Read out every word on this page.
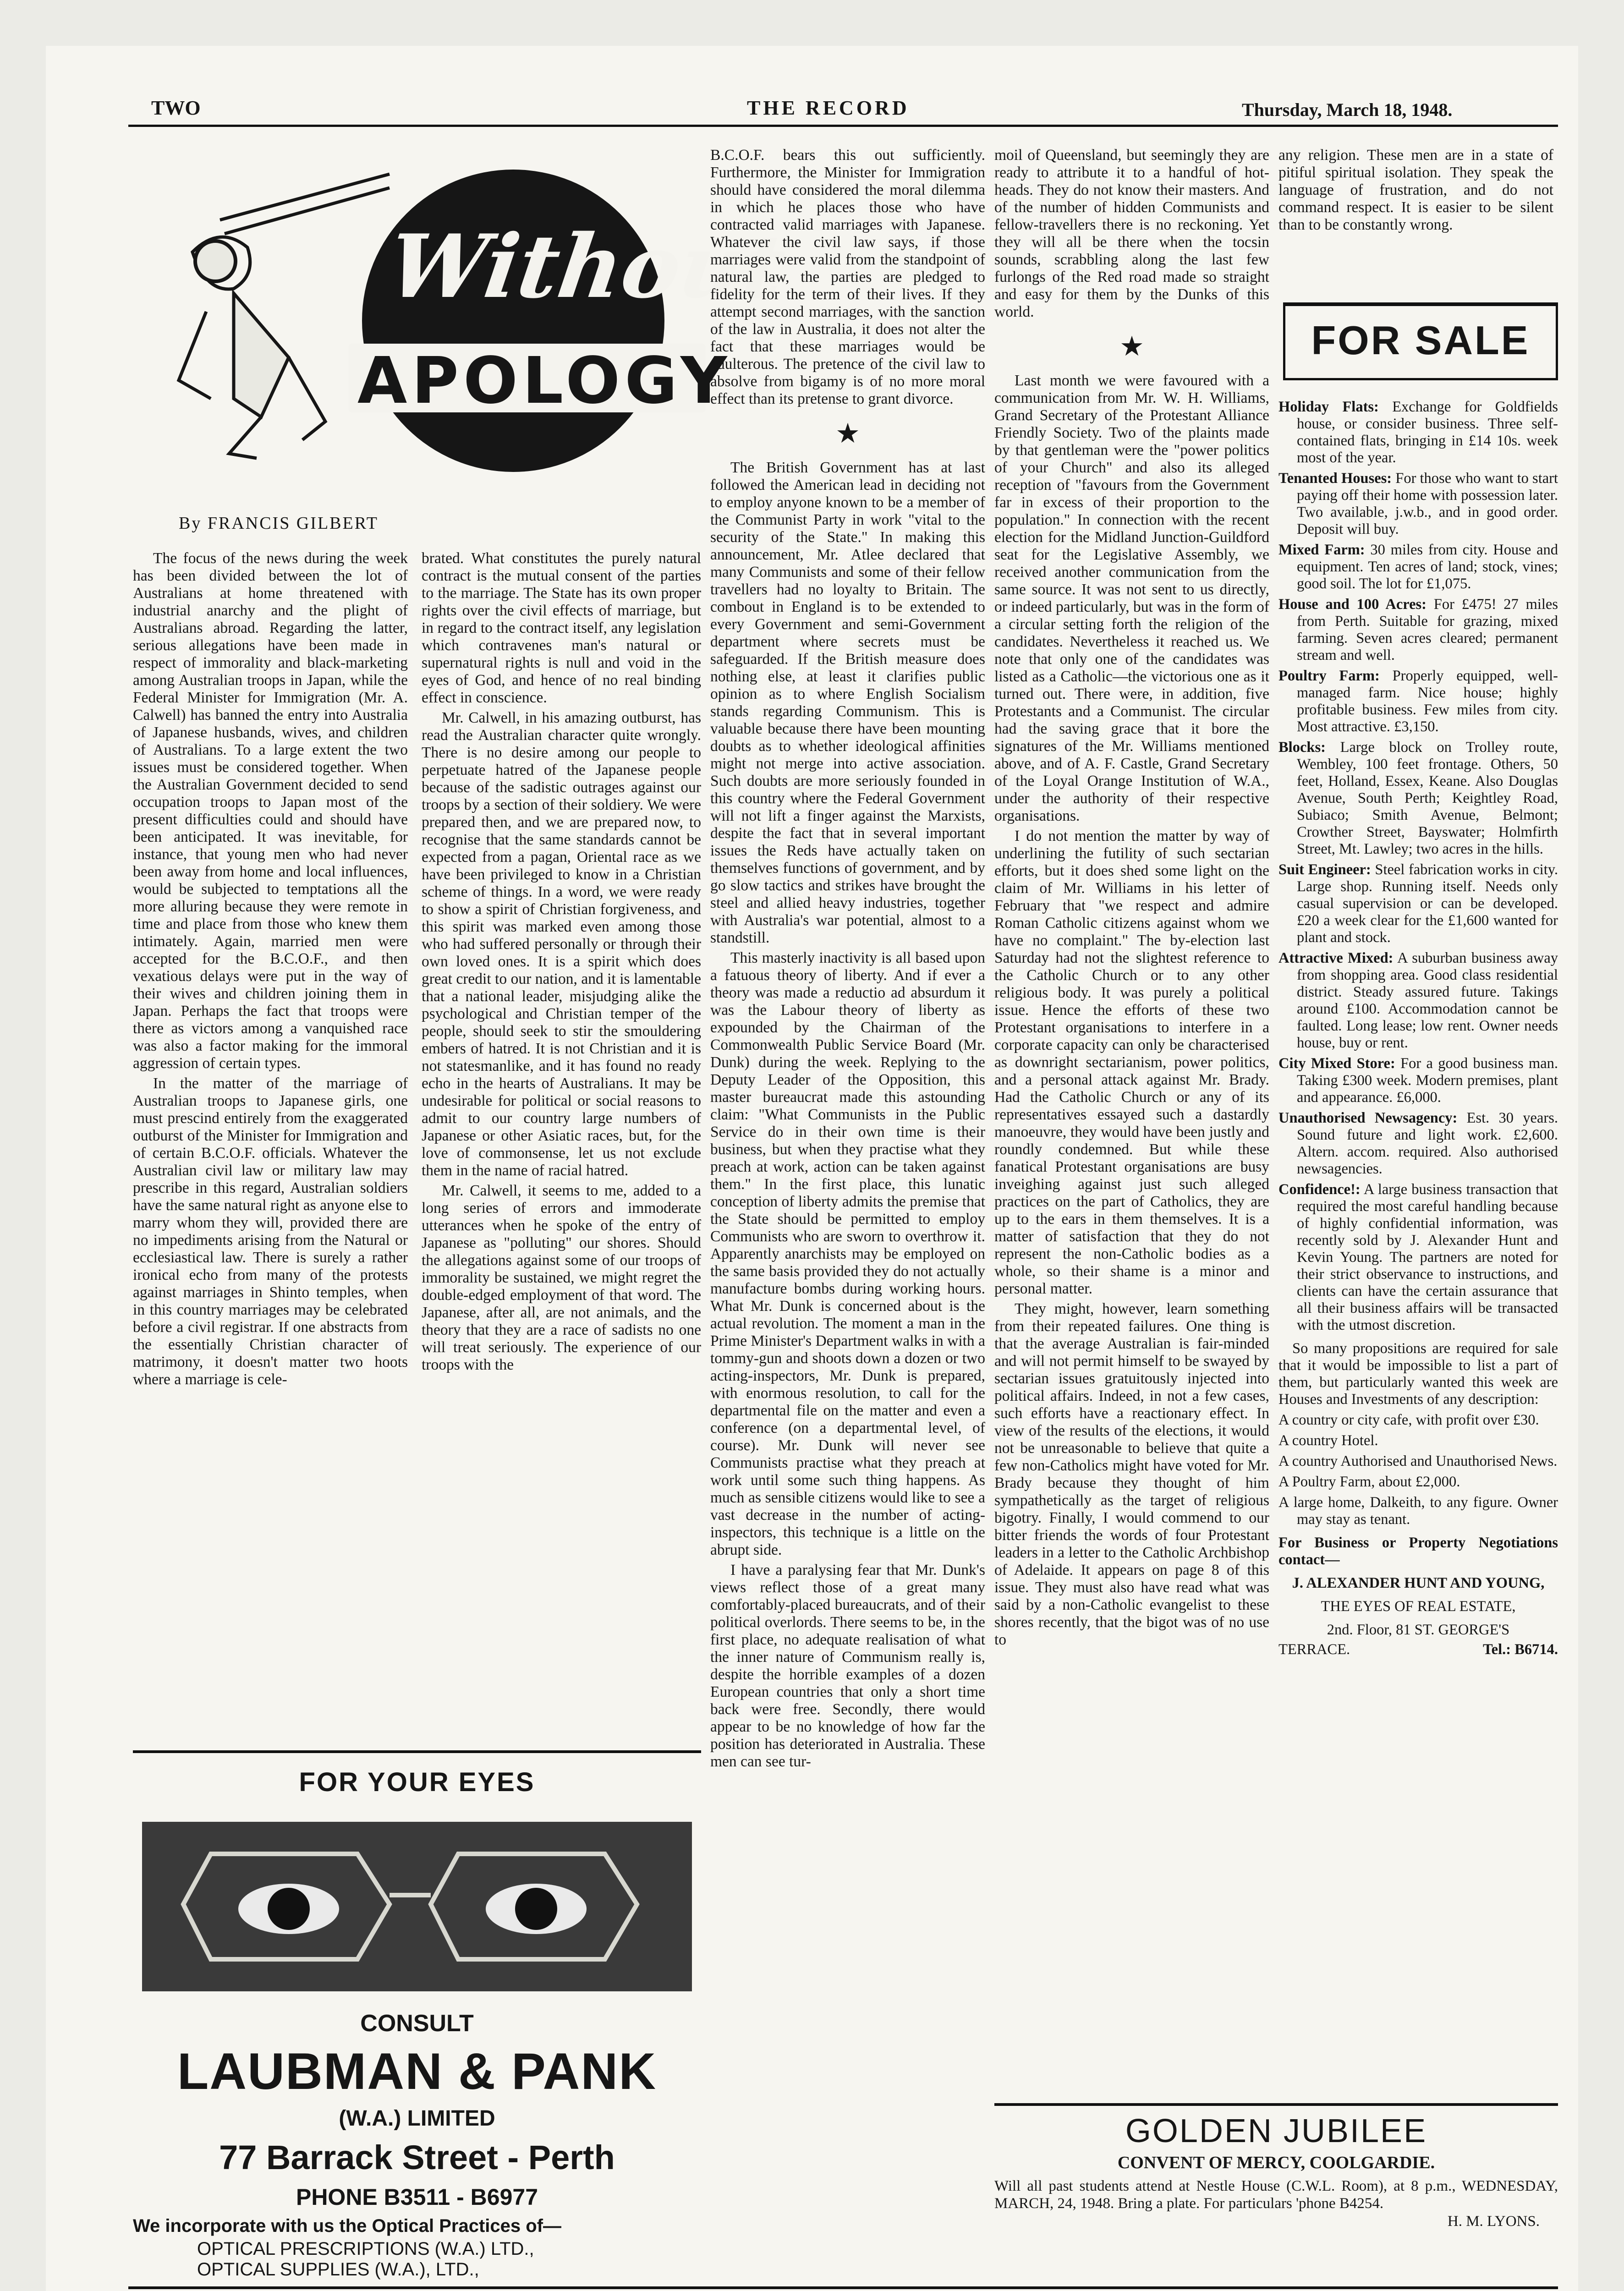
TWO	THE RECORD	Thursday, March 18, 1948.
Without
APOLOGY
By FRANCIS GILBERT

The focus of the news during the week has been divided between the lot of Australians at home threatened with industrial anarchy and the plight of Australians abroad. Regarding the latter, serious allegations have been made in respect of immorality and black-marketing among Australian troops in Japan, while the Federal Minister for Immigration (Mr. A. Calwell) has banned the entry into Australia of Japanese husbands, wives, and children of Australians. To a large extent the two issues must be considered together. When the Australian Government decided to send occupation troops to Japan most of the present difficulties could and should have been anticipated. It was inevitable, for instance, that young men who had never been away from home and local influences, would be subjected to temptations all the more alluring because they were remote in time and place from those who knew them intimately. Again, married men were accepted for the B.C.O.F., and then vexatious delays were put in the way of their wives and children joining them in Japan. Perhaps the fact that troops were there as victors among a vanquished race was also a factor making for the immoral aggression of certain types.

In the matter of the marriage of Australian troops to Japanese girls, one must prescind entirely from the exaggerated outburst of the Minister for Immigration and of certain B.C.O.F. officials. Whatever the Australian civil law or military law may prescribe in this regard, Australian soldiers have the same natural right as anyone else to marry whom they will, provided there are no impediments arising from the Natural or ecclesiastical law. There is surely a rather ironical echo from many of the protests against marriages in Shinto temples, when in this country marriages may be celebrated before a civil registrar. If one abstracts from the essentially Christian character of matrimony, it doesn't matter two hoots where a marriage is cele-

brated. What constitutes the purely natural contract is the mutual consent of the parties to the marriage. The State has its own proper rights over the civil effects of marriage, but in regard to the contract itself, any legislation which contravenes man's natural or supernatural rights is null and void in the eyes of God, and hence of no real binding effect in conscience.

Mr. Calwell, in his amazing outburst, has read the Australian character quite wrongly. There is no desire among our people to perpetuate hatred of the Japanese people because of the sadistic outrages against our troops by a section of their soldiery. We were prepared then, and we are prepared now, to recognise that the same standards cannot be expected from a pagan, Oriental race as we have been privileged to know in a Christian scheme of things. In a word, we were ready to show a spirit of Christian forgiveness, and this spirit was marked even among those who had suffered personally or through their own loved ones. It is a spirit which does great credit to our nation, and it is lamentable that a national leader, misjudging alike the psychological and Christian temper of the people, should seek to stir the smouldering embers of hatred. It is not Christian and it is not statesmanlike, and it has found no ready echo in the hearts of Australians. It may be undesirable for political or social reasons to admit to our country large numbers of Japanese or other Asiatic races, but, for the love of commonsense, let us not exclude them in the name of racial hatred.

Mr. Calwell, it seems to me, added to a long series of errors and immoderate utterances when he spoke of the entry of Japanese as "polluting" our shores. Should the allegations against some of our troops of immorality be sustained, we might regret the double-edged employment of that word. The Japanese, after all, are not animals, and the theory that they are a race of sadists no one will treat seriously. The experience of our troops with the

B.C.O.F. bears this out sufficiently. Furthermore, the Minister for Immigration should have considered the moral dilemma in which he places those who have contracted valid marriages with Japanese. Whatever the civil law says, if those marriages were valid from the standpoint of natural law, the parties are pledged to fidelity for the term of their lives. If they attempt second marriages, with the sanction of the law in Australia, it does not alter the fact that these marriages would be adulterous. The pretence of the civil law to absolve from bigamy is of no more moral effect than its pretense to grant divorce.

★

The British Government has at last followed the American lead in deciding not to employ anyone known to be a member of the Communist Party in work "vital to the security of the State." In making this announcement, Mr. Atlee declared that many Communists and some of their fellow travellers had no loyalty to Britain. The combout in England is to be extended to every Government and semi-Government department where secrets must be safeguarded. If the British measure does nothing else, at least it clarifies public opinion as to where English Socialism stands regarding Communism. This is valuable because there have been mounting doubts as to whether ideological affinities might not merge into active association. Such doubts are more seriously founded in this country where the Federal Government will not lift a finger against the Marxists, despite the fact that in several important issues the Reds have actually taken on themselves functions of government, and by go slow tactics and strikes have brought the steel and allied heavy industries, together with Australia's war potential, almost to a standstill.

This masterly inactivity is all based upon a fatuous theory of liberty. And if ever a theory was made a reductio ad absurdum it was the Labour theory of liberty as expounded by the Chairman of the Commonwealth Public Service Board (Mr. Dunk) during the week. Replying to the Deputy Leader of the Opposition, this master bureaucrat made this astounding claim: "What Communists in the Public Service do in their own time is their business, but when they practise what they preach at work, action can be taken against them." In the first place, this lunatic conception of liberty admits the premise that the State should be permitted to employ Communists who are sworn to overthrow it. Apparently anarchists may be employed on the same basis provided they do not actually manufacture bombs during working hours. What Mr. Dunk is concerned about is the actual revolution. The moment a man in the Prime Minister's Department walks in with a tommy-gun and shoots down a dozen or two acting-inspectors, Mr. Dunk is prepared, with enormous resolution, to call for the departmental file on the matter and even a conference (on a departmental level, of course). Mr. Dunk will never see Communists practise what they preach at work until some such thing happens. As much as sensible citizens would like to see a vast decrease in the number of acting-inspectors, this technique is a little on the abrupt side.

I have a paralysing fear that Mr. Dunk's views reflect those of a great many comfortably-placed bureaucrats, and of their political overlords. There seems to be, in the first place, no adequate realisation of what the inner nature of Communism really is, despite the horrible examples of a dozen European countries that only a short time back were free. Secondly, there would appear to be no knowledge of how far the position has deteriorated in Australia. These men can see tur-

moil of Queensland, but seemingly they are ready to attribute it to a handful of hot-heads. They do not know their masters. And of the number of hidden Communists and fellow-travellers there is no reckoning. Yet they will all be there when the tocsin sounds, scrabbling along the last few furlongs of the Red road made so straight and easy for them by the Dunks of this world.

★

Last month we were favoured with a communication from Mr. W. H. Williams, Grand Secretary of the Protestant Alliance Friendly Society. Two of the plaints made by that gentleman were the "power politics of your Church" and also its alleged reception of "favours from the Government far in excess of their proportion to the population." In connection with the recent election for the Midland Junction-Guildford seat for the Legislative Assembly, we received another communication from the same source. It was not sent to us directly, or indeed particularly, but was in the form of a circular setting forth the religion of the candidates. Nevertheless it reached us. We note that only one of the candidates was listed as a Catholic—the victorious one as it turned out. There were, in addition, five Protestants and a Communist. The circular had the saving grace that it bore the signatures of the Mr. Williams mentioned above, and of A. F. Castle, Grand Secretary of the Loyal Orange Institution of W.A., under the authority of their respective organisations.

I do not mention the matter by way of underlining the futility of such sectarian efforts, but it does shed some light on the claim of Mr. Williams in his letter of February that "we respect and admire Roman Catholic citizens against whom we have no complaint." The by-election last Saturday had not the slightest reference to the Catholic Church or to any other religious body. It was purely a political issue. Hence the efforts of these two Protestant organisations to interfere in a corporate capacity can only be characterised as downright sectarianism, power politics, and a personal attack against Mr. Brady. Had the Catholic Church or any of its representatives essayed such a dastardly manoeuvre, they would have been justly and roundly condemned. But while these fanatical Protestant organisations are busy inveighing against just such alleged practices on the part of Catholics, they are up to the ears in them themselves. It is a matter of satisfaction that they do not represent the non-Catholic bodies as a whole, so their shame is a minor and personal matter.

They might, however, learn something from their repeated failures. One thing is that the average Australian is fair-minded and will not permit himself to be swayed by sectarian issues gratuitously injected into political affairs. Indeed, in not a few cases, such efforts have a reactionary effect. In view of the results of the elections, it would not be unreasonable to believe that quite a few non-Catholics might have voted for Mr. Brady because they thought of him sympathetically as the target of religious bigotry. Finally, I would commend to our bitter friends the words of four Protestant leaders in a letter to the Catholic Archbishop of Adelaide. It appears on page 8 of this issue. They must also have read what was said by a non-Catholic evangelist to these shores recently, that the bigot was of no use to

any religion. These men are in a state of pitiful spiritual isolation. They speak the language of frustration, and do not command respect. It is easier to be silent than to be constantly wrong.

FOR SALE

Holiday Flats: Exchange for Goldfields house, or consider business. Three self-contained flats, bringing in £14 10s. week most of the year.

Tenanted Houses: For those who want to start paying off their home with possession later. Two available, j.w.b., and in good order. Deposit will buy.

Mixed Farm: 30 miles from city. House and equipment. Ten acres of land; stock, vines; good soil. The lot for £1,075.

House and 100 Acres: For £475! 27 miles from Perth. Suitable for grazing, mixed farming. Seven acres cleared; permanent stream and well.

Poultry Farm: Properly equipped, well-managed farm. Nice house; highly profitable business. Few miles from city. Most attractive. £3,150.

Blocks: Large block on Trolley route, Wembley, 100 feet frontage. Others, 50 feet, Holland, Essex, Keane. Also Douglas Avenue, South Perth; Keightley Road, Subiaco; Smith Avenue, Belmont; Crowther Street, Bayswater; Holmfirth Street, Mt. Lawley; two acres in the hills.

Suit Engineer: Steel fabrication works in city. Large shop. Running itself. Needs only casual supervision or can be developed. £20 a week clear for the £1,600 wanted for plant and stock.

Attractive Mixed: A suburban business away from shopping area. Good class residential district. Steady assured future. Takings around £100. Accommodation cannot be faulted. Long lease; low rent. Owner needs house, buy or rent.

City Mixed Store: For a good business man. Taking £300 week. Modern premises, plant and appearance. £6,000.

Unauthorised Newsagency: Est. 30 years. Sound future and light work. £2,600. Altern. accom. required. Also authorised newsagencies.

Confidence!: A large business transaction that required the most careful handling because of highly confidential information, was recently sold by J. Alexander Hunt and Kevin Young. The partners are noted for their strict observance to instructions, and clients can have the certain assurance that all their business affairs will be transacted with the utmost discretion.

So many propositions are required for sale that it would be impossible to list a part of them, but particularly wanted this week are Houses and Investments of any description:

A country or city cafe, with profit over £30.

A country Hotel.

A country Authorised and Unauthorised News.

A Poultry Farm, about £2,000.

A large home, Dalkeith, to any figure. Owner may stay as tenant.

For Business or Property Negotiations contact—

J. ALEXANDER HUNT AND YOUNG,
THE EYES OF REAL ESTATE,
2nd. Floor, 81 ST. GEORGE'S
TERRACE.	Tel.: B6714.
FOR YOUR EYES
CONSULT
LAUBMAN & PANK
(W.A.) LIMITED
77 Barrack Street - Perth
PHONE B3511 - B6977
We incorporate with us the Optical Practices of—
OPTICAL PRESCRIPTIONS (W.A.) LTD.,
OPTICAL SUPPLIES (W.A.), LTD.,
GOLDEN JUBILEE
CONVENT OF MERCY, COOLGARDIE.
Will all past students attend at Nestle House (C.W.L. Room), at 8 p.m., WEDNESDAY, MARCH, 24, 1948. Bring a plate. For particulars 'phone B4254.
H. M. LYONS.
